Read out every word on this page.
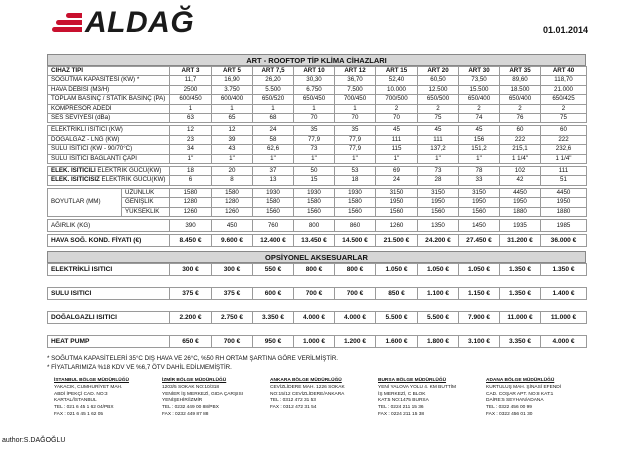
ALDAĞ	01.01.2014
ART - ROOFTOP TİP KLİMA CİHAZLARI
CİHAZ TİPİ		ART 3	ART 5	ART 7,5	ART 10	ART 12	ART 15	ART 20	ART 30	ART 35	ART 40
SOĞUTMA KAPASİTESİ (KW) *		11,7	16,90	26,20	30,30	36,70	52,40	60,50	73,50	89,60	118,70
HAVA DEBİSİ (M3/H)		2500	3.750	5.500	6.750	7.500	10.000	12.500	15.500	18.500	21.000
TOPLAM BASINÇ / STATİK BASINÇ (PA)		600/450	600/400	650/520	650/450	700/450	700/500	650/500	650/400	650/400	650/425
KOMPRESÖR ADEDİ		1	1	1	1	1	2	2	2	2	2
SES SEVİYESİ (dBa)		63	65	68	70	70	70	75	74	76	75

ELEKTRİKLİ ISITICI (KW)		12	12	24	35	35	45	45	45	60	60
DOĞALGAZ - LNG (KW)		23	39	58	77,9	77,9	111	111	156	222	222
SULU ISITICI (KW - 90/70°C)		34	43	62,6	73	77,9	115	137,2	151,2	215,1	232,6
SULU ISITICI BAĞLANTI ÇAPI		1"	1"	1"	1"	1"	1"	1"	1"	1 1/4"	1 1/4"

ELEK. ISITICILI ELEKTRİK GÜCÜ(KW)		18	20	37	50	53	69	73	78	102	111
ELEK. ISITICISIZ ELEKTRİK GÜCÜ(KW)		6	8	13	15	18	24	28	33	42	51

BOYUTLAR (MM)	UZUNLUK	1580	1580	1930	1930	1930	3150	3150	3150	4450	4450
	GENİŞLİK	1280	1280	1580	1580	1580	1950	1950	1950	1950	1950
	YÜKSEKLİK	1260	1260	1560	1560	1560	1560	1560	1560	1880	1880

AĞIRLIK (KG)		390	450	760	800	860	1260	1350	1450	1935	1985

HAVA SOĞ. KOND. FİYATI (€)		8.450 €	9.600 €	12.400 €	13.450 €	14.500 €	21.500 €	24.200 €	27.450 €	31.200 €	36.000 €
OPSİYONEL AKSESUARLAR
ELEKTRİKLİ ISITICI	300 €	300 €	550 €	800 €	800 €	1.050 €	1.050 €	1.050 €	1.350 €	1.350 €

SULU ISITICI	375 €	375 €	600 €	700 €	700 €	850 €	1.100 €	1.150 €	1.350 €	1.400 €

DOĞALGAZLI ISITICI	2.200 €	2.750 €	3.350 €	4.000 €	4.000 €	5.500 €	5.500 €	7.900 €	11.000 €	11.000 €

HEAT PUMP	650 €	700 €	950 €	1.000 €	1.200 €	1.600 €	1.800 €	3.100 €	3.350 €	4.000 €
* SOĞUTMA KAPASİTELERİ 35°C DIŞ HAVA VE 26°C, %50 RH ORTAM ŞARTINA GÖRE VERİLMİŞTİR.
* FİYATLARIMIZA %18 KDV VE %6,7 ÖTV DAHİL EDİLMEMİŞTİR.
İSTANBUL BÖLGE MÜDÜRLÜĞÜ
YAKACIK, CUMHURİYET MAH.
ABDİ İPEKÇİ CAD. NO:3
KARTAL/İSTANBUL
TEL : 021 6 45 1 62 04/PBX
FAX : 021 6 45 1 62 05
İZMİR BÖLGE MÜDÜRLÜĞÜ
1203/5 SOKAK NO:10/318
YENİER İŞ MERKEZİ, GIDA ÇARŞISI
YENİŞEHİR/İZMİR
TEL : 0232 449 00 88/PBX
FAX : 0232 449 87 88
ANKARA BÖLGE MÜDÜRLÜĞÜ
CEVİZLİDERE MAH. 1226 SOKAK
NO:15/12 CEVİZLİDERE/ANKARA
TEL : 0312 472 31 53
FAX : 0312 472 31 54
BURSA BÖLGE MÜDÜRLÜĞÜ
YENİ YALOVA YOLU 4. KM BUTTİM
İŞ MERKEZİ, C BLOK
KAT:5 NO:1475 BURSA
TEL : 0224 211 15 36
FAX : 0224 211 15 38
ADANA BÖLGE MÜDÜRLÜĞÜ
KURTULUŞ MAH. ŞİNASİ EFENDİ
CAD. COŞAR APT. NO:8 KAT:1
DAİRE:5 SEYHAN/ADANA
TEL : 0322 456 00 99
FAX : 0322 456 01 30
author:S.DAĞOĞLU
